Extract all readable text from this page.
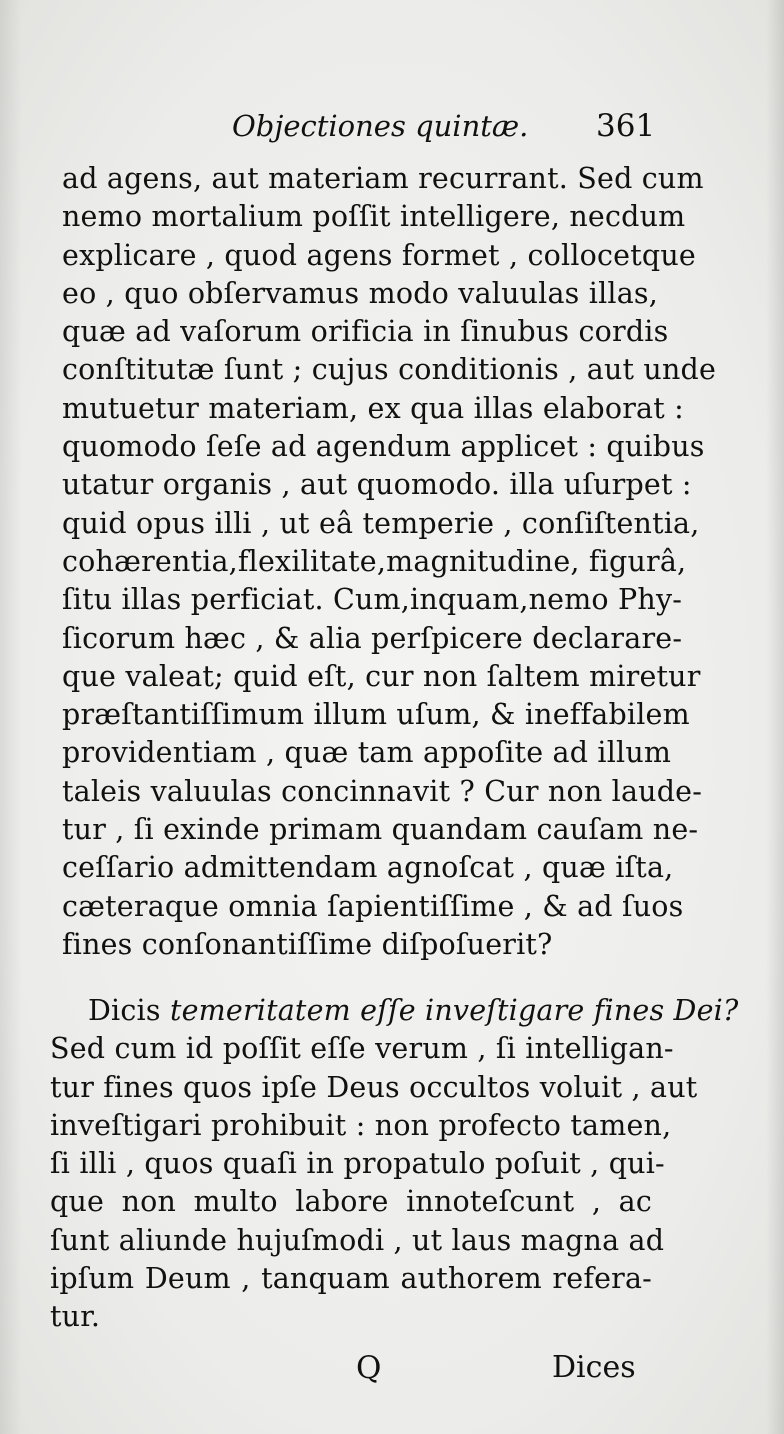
Objectiones quintæ. 361
ad agens, aut materiam recurrant. Sed cum
nemo mortalium poſſit intelligere, necdum
explicare , quod agens formet , collocetque
eo , quo obſervamus modo valuulas illas,
quæ ad vaſorum orificia in ſinubus cordis
conſtitutæ ſunt ; cujus conditionis , aut unde
mutuetur materiam, ex qua illas elaborat :
quomodo ſeſe ad agendum applicet : quibus
utatur organis , aut quomodo. illa uſurpet :
quid opus illi , ut eâ temperie , conſiſtentia,
cohærentia,flexilitate,magnitudine, figurâ,
ſitu illas perficiat. Cum,inquam,nemo Phy-
ſicorum hæc , & alia perſpicere declarare-
que valeat; quid eſt, cur non ſaltem miretur
præſtantiſſimum illum uſum, & ineffabilem
providentiam , quæ tam appoſite ad illum
taleis valuulas concinnavit ? Cur non laude-
tur , ſi exinde primam quandam cauſam ne-
ceſſario admittendam agnoſcat , quæ iſta,
cæteraque omnia ſapientiſſime , & ad ſuos
fines conſonantiſſime diſpoſuerit?
Dicis temeritatem eſſe inveſtigare fines Dei?
Sed cum id poſſit eſſe verum , ſi intelligan-
tur fines quos ipſe Deus occultos voluit , aut
inveſtigari prohibuit : non profecto tamen,
ſi illi , quos quaſi in propatulo poſuit , qui-
que non multo labore innoteſcunt , ac
ſunt aliunde hujuſmodi , ut laus magna ad
ipſum Deum , tanquam authorem refera-
tur.
Q	Dices
